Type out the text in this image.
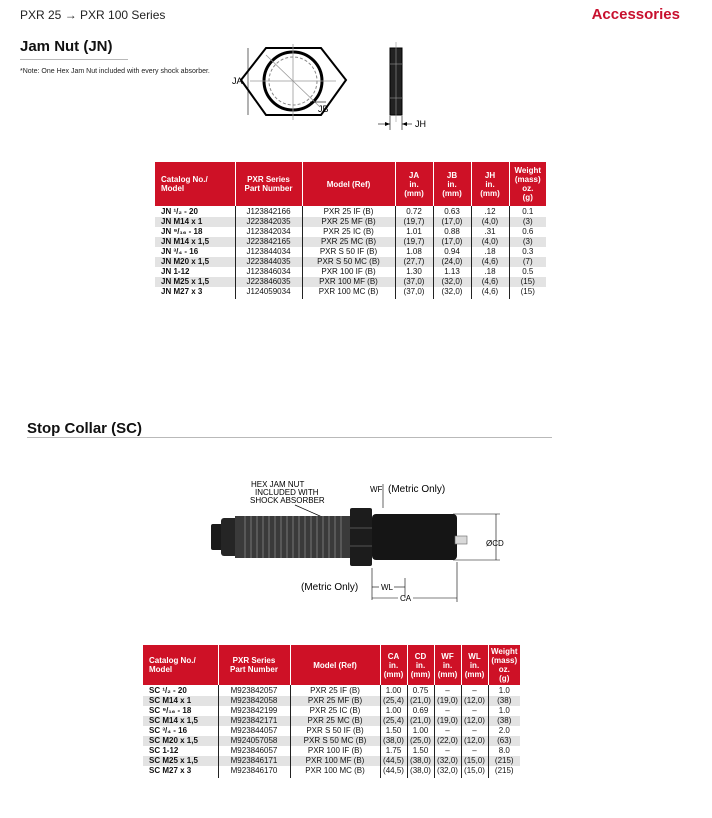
PXR 25 → PXR 100 Series	Accessories
Jam Nut (JN)
*Note: One Hex Jam Nut included with every shock absorber.
JA
JB
JH
Catalog No./
Model	PXR Series
Part Number	Model (Ref)	JA
in.
(mm)	JB
in.
(mm)	JH
in.
(mm)	Weight
(mass)
oz.
(g)
JN ¹/₂ - 20	J123842166	PXR 25 IF (B)	0.72	0.63	.12	0.1
JN M14 x 1	J223842035	PXR 25 MF (B)	(19,7)	(17,0)	(4,0)	(3)
JN ⁹/₁₆ - 18	J123842034	PXR 25 IC (B)	1.01	0.88	.31	0.6
JN M14 x 1,5	J223842165	PXR 25 MC (B)	(19,7)	(17,0)	(4,0)	(3)
JN ³/₄ - 16	J123844034	PXR S 50 IF (B)	1.08	0.94	.18	0.3
JN M20 x 1,5	J223844035	PXR S 50 MC (B)	(27,7)	(24,0)	(4,6)	(7)
JN 1-12	J123846034	PXR 100 IF (B)	1.30	1.13	.18	0.5
JN M25 x 1,5	J223846035	PXR 100 MF (B)	(37,0)	(32,0)	(4,6)	(15)
JN M27 x 3	J124059034	PXR 100 MC (B)	(37,0)	(32,0)	(4,6)	(15)
Stop Collar (SC)
HEX JAM NUT
INCLUDED WITH
SHOCK ABSORBER
WF (Metric Only)
ØCD
(Metric Only)	WL
CA
Catalog No./
Model	PXR Series
Part Number	Model (Ref)	CA
in.
(mm)	CD
in.
(mm)	WF
in.
(mm)	WL
in.
(mm)	Weight
(mass)
oz.
(g)
SC ¹/₂ - 20	M923842057	PXR 25 IF (B)	1.00	0.75	–	–	1.0
SC M14 x 1	M923842058	PXR 25 MF (B)	(25,4)	(21,0)	(19,0)	(12,0)	(38)
SC ⁹/₁₆ - 18	M923842199	PXR 25 IC (B)	1.00	0.69	–	–	1.0
SC M14 x 1,5	M923842171	PXR 25 MC (B)	(25,4)	(21,0)	(19,0)	(12,0)	(38)
SC ³/₄ - 16	M923844057	PXR S 50 IF (B)	1.50	1.00	–	–	2.0
SC M20 x 1,5	M924057058	PXR S 50 MC (B)	(38,0)	(25,0)	(22,0)	(12,0)	(63)
SC 1-12	M923846057	PXR 100 IF (B)	1.75	1.50	–	–	8.0
SC M25 x 1,5	M923846171	PXR 100 MF (B)	(44,5)	(38,0)	(32,0)	(15,0)	(215)
SC M27 x 3	M923846170	PXR 100 MC (B)	(44,5)	(38,0)	(32,0)	(15,0)	(215)
